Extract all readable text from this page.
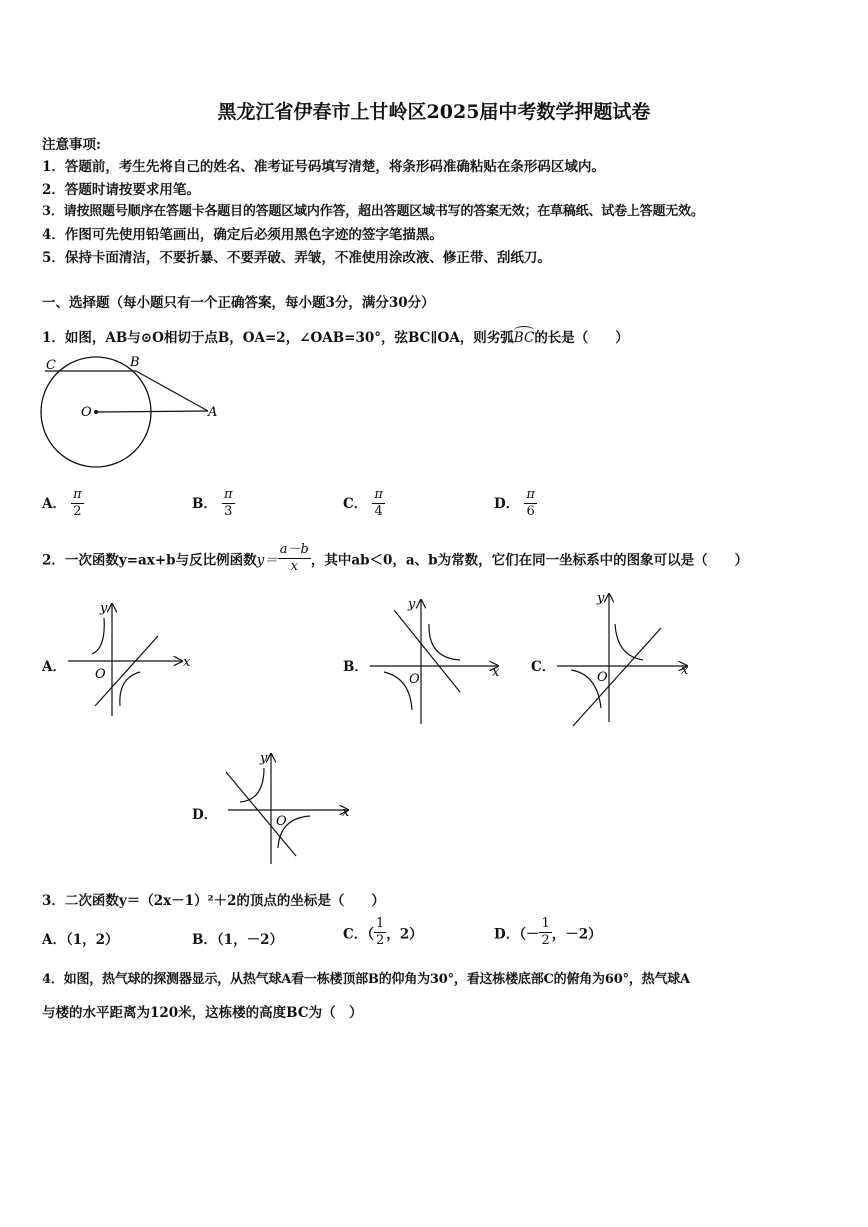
黑龙江省伊春市上甘岭区2025届中考数学押题试卷
注意事项:
1．答题前，考生先将自己的姓名、准考证号码填写清楚，将条形码准确粘贴在条形码区域内。
2．答题时请按要求用笔。
3．请按照题号顺序在答题卡各题目的答题区域内作答，超出答题区域书写的答案无效；在草稿纸、试卷上答题无效。
4．作图可先使用铅笔画出，确定后必须用黑色字迹的签字笔描黑。
5．保持卡面清洁，不要折暴、不要弄破、弄皱，不准使用涂改液、修正带、刮纸刀。
一、选择题（每小题只有一个正确答案，每小题3分，满分30分）
1．如图，AB与⊙O相切于点B，OA=2，∠OAB=30°，弦BC∥OA，则劣弧BC的长是（　　）
C	B
O	A
A． $\frac{\pi}{2}$	B． $\frac{\pi}{3}$	C． $\frac{\pi}{4}$	D． $\frac{\pi}{6}$
2．一次函数y=ax+b与反比例函数$y= \frac{a-b}{x}$ ，其中ab＜0，a、b为常数，它们在同一坐标系中的图象可以是（　　）
A．	B．	C．
D．
x
y
O	x
y
O
x
y
O
x
y
O
3．二次函数y＝（2x－1）²＋2的顶点的坐标是（　　）
A．（1，2）	B．（1，－2）	C．（ $\frac{1}{2}$ ，2）	D．（－ $\frac{1}{2}$ ，－2）
4．如图，热气球的探测器显示，从热气球A看一栋楼顶部B的仰角为30°，看这栋楼底部C的俯角为60°，热气球A
与楼的水平距离为120米，这栋楼的高度BC为（　）
